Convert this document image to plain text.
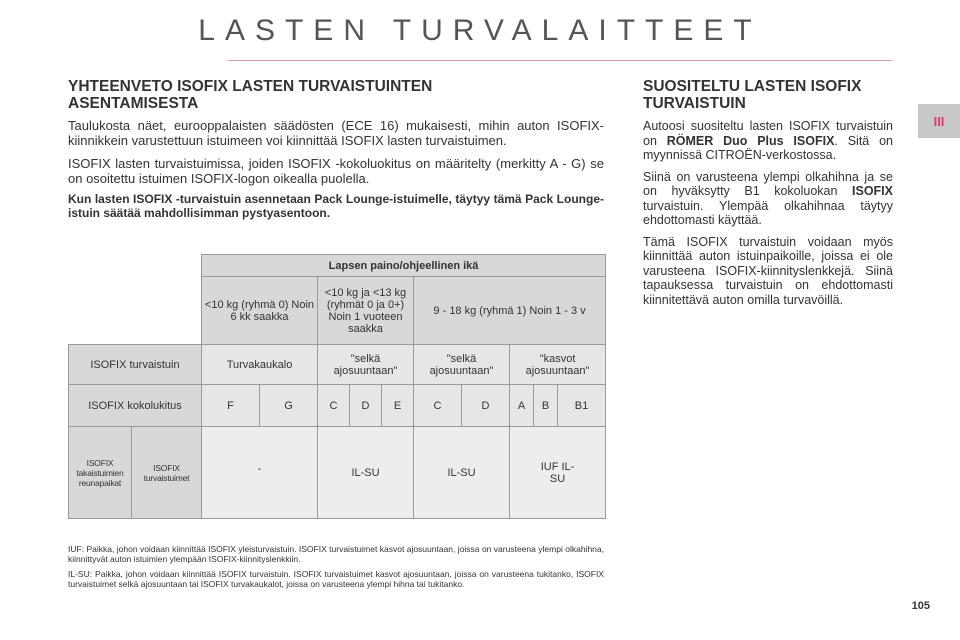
LASTEN TURVALAITTEET
III
YHTEENVETO ISOFIX LASTEN TURVAISTUINTEN ASENTAMISESTA

Taulukosta näet, eurooppalaisten säädösten (ECE 16) mukaisesti, mihin auton ISOFIX-kiinnikkein varustettuun istuimeen voi kiinnittää ISOFIX lasten turvaistuimen.

ISOFIX lasten turvaistuimissa, joiden ISOFIX -kokoluokitus on määritelty (merkitty A - G) se on osoitettu istuimen ISOFIX-logon oikealla puolella.

Kun lasten ISOFIX -turvaistuin asennetaan Pack Lounge-istuimelle, täytyy tämä Pack Lounge-istuin säätää mahdollisimman pystyasentoon.

SUOSITELTU LASTEN ISOFIX TURVAISTUIN

Autoosi suositeltu lasten ISOFIX turvaistuin on RÖMER Duo Plus ISOFIX. Sitä on myynnissä CITROËN-verkostossa.

Siinä on varusteena ylempi olkahihna ja se on hyväksytty B1 kokoluokan ISOFIX turvaistuin. Ylempää olkahihnaa täytyy ehdottomasti käyttää.

Tämä ISOFIX turvaistuin voidaan myös kiinnittää auton istuinpaikoille, joissa ei ole varusteena ISOFIX-kiinnityslenkkejä. Siinä tapauksessa turvaistuin on ehdottomasti kiinnitettävä auton omilla turvavöillä.

		Lapsen paino/ohjeellinen ikä									
		<10 kg (ryhmä 0) Noin 6 kk saakka		<10 kg ja <13 kg (ryhmät 0 ja 0+) Noin 1 vuoteen saakka			9 - 18 kg (ryhmä 1) Noin 1 - 3 v				
ISOFIX turvaistuin		Turvakaukalo		"selkä ajosuuntaan"			"selkä ajosuuntaan"		"kasvot ajosuuntaan"		
ISOFIX kokolukitus		F	G	C	D	E	C	D	A	B	B1
ISOFIX takaistuimien reunapaikat	ISOFIX turvaistuimet	-		IL-SU			IL-SU		IUF IL-SU		

IUF: Paikka, johon voidaan kiinnittää ISOFIX yleisturvaistuin. ISOFIX turvaistuimet kasvot ajosuuntaan, joissa on varusteena ylempi olkahihna, kiinnittyvät auton istuimien ylempään ISOFIX-kiinnityslenkkiin.

IL-SU: Paikka, johon voidaan kiinnittää ISOFIX turvaistuin. ISOFIX turvaistuimet kasvot ajosuuntaan, joissa on varusteena tukitanko, ISOFIX turvaistuimet selkä ajosuuntaan tai ISOFIX turvakaukalot, joissa on varusteena ylempi hihna tai tukitanko.

105
